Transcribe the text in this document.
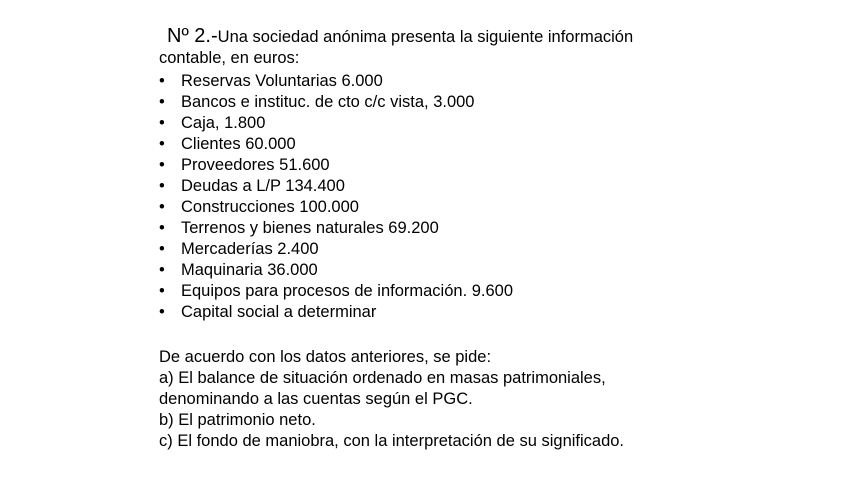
Nº 2.-Una sociedad anónima presenta la siguiente información
contable, en euros:
• Reservas Voluntarias 6.000
• Bancos e instituc. de cto c/c vista, 3.000
• Caja, 1.800
• Clientes 60.000
• Proveedores 51.600
• Deudas a L/P 134.400
• Construcciones 100.000
• Terrenos y bienes naturales 69.200
• Mercaderías 2.400
• Maquinaria 36.000
• Equipos para procesos de información. 9.600
• Capital social a determinar
De acuerdo con los datos anteriores, se pide:
a) El balance de situación ordenado en masas patrimoniales,
denominando a las cuentas según el PGC.
b) El patrimonio neto.
c) El fondo de maniobra, con la interpretación de su significado.
